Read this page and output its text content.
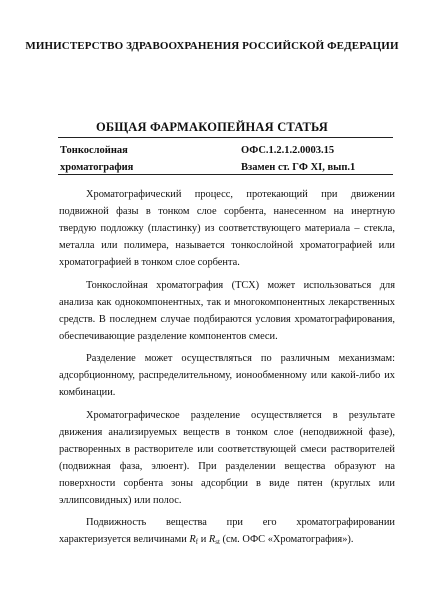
МИНИСТЕРСТВО ЗДРАВООХРАНЕНИЯ РОССИЙСКОЙ ФЕДЕРАЦИИ
ОБЩАЯ ФАРМАКОПЕЙНАЯ СТАТЬЯ
Тонкослойная
хроматография
ОФС.1.2.1.2.0003.15
Взамен ст. ГФ XI, вып.1

Хроматографический процесс, протекающий при движении подвижной фазы в тонком слое сорбента, нанесенном на инертную твердую подложку (пластинку) из соответствующего материала – стекла, металла или полимера, называется тонкослойной хроматографией или хроматографией в тонком слое сорбента.

Тонкослойная хроматография (ТСХ) может использоваться для анализа как однокомпонентных, так и многокомпонентных лекарственных средств. В последнем случае подбираются условия хроматографирования, обеспечивающие разделение компонентов смеси.

Разделение может осуществляться по различным механизмам: адсорбционному, распределительному, ионообменному или какой-либо их комбинации.

Хроматографическое разделение осуществляется в результате движения анализируемых веществ в тонком слое (неподвижной фазе), растворенных в растворителе или соответствующей смеси растворителей (подвижная фаза, элюент). При разделении вещества образуют на поверхности сорбента зоны адсорбции в виде пятен (круглых или эллипсовидных) или полос.

Подвижность вещества при его хроматографировании характеризуется величинами $R_f$ и $R_{st}$ (см. ОФС «Хроматография»).
